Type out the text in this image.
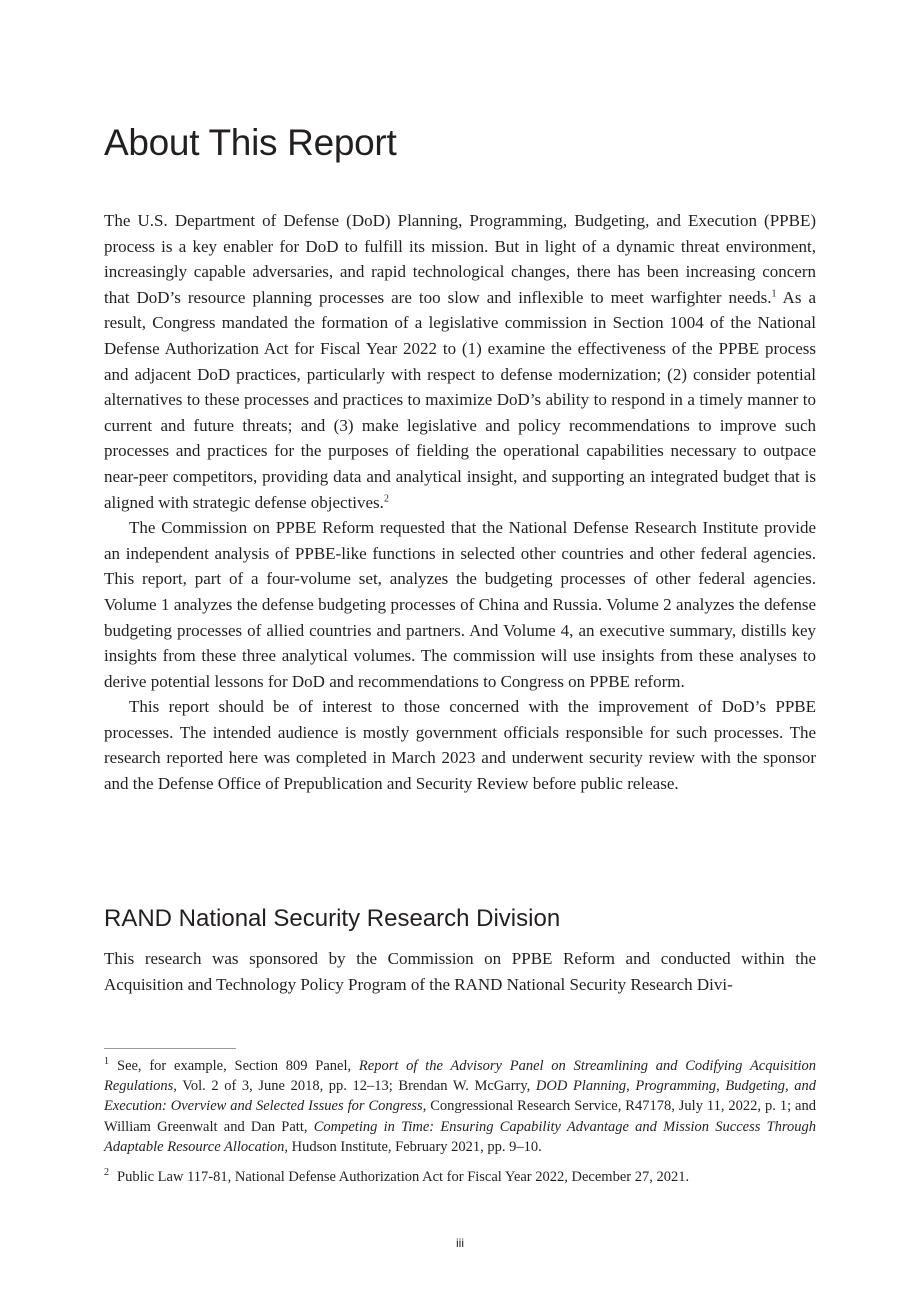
About This Report

The U.S. Department of Defense (DoD) Planning, Programming, Budgeting, and Execution (PPBE) process is a key enabler for DoD to fulfill its mission. But in light of a dynamic threat environment, increasingly capable adversaries, and rapid technological changes, there has been increasing concern that DoD’s resource planning processes are too slow and inflexible to meet warfighter needs.$^1$ As a result, Congress mandated the formation of a legislative commission in Section 1004 of the National Defense Authorization Act for Fiscal Year 2022 to (1) examine the effectiveness of the PPBE process and adjacent DoD practices, particularly with respect to defense modernization; (2) consider potential alternatives to these processes and practices to maximize DoD’s ability to respond in a timely manner to current and future threats; and (3) make legislative and policy recommendations to improve such processes and practices for the purposes of fielding the operational capabilities necessary to outpace near-peer competitors, providing data and analytical insight, and supporting an integrated budget that is aligned with strategic defense objectives.$^2$

The Commission on PPBE Reform requested that the National Defense Research Institute provide an independent analysis of PPBE-like functions in selected other countries and other federal agencies. This report, part of a four-volume set, analyzes the budgeting processes of other federal agencies. Volume 1 analyzes the defense budgeting processes of China and Russia. Volume 2 analyzes the defense budgeting processes of allied countries and partners. And Volume 4, an executive summary, distills key insights from these three analytical volumes. The commission will use insights from these analyses to derive potential lessons for DoD and recommendations to Congress on PPBE reform.

This report should be of interest to those concerned with the improvement of DoD’s PPBE processes. The intended audience is mostly government officials responsible for such processes. The research reported here was completed in March 2023 and underwent security review with the sponsor and the Defense Office of Prepublication and Security Review before public release.

RAND National Security Research Division

This research was sponsored by the Commission on PPBE Reform and conducted within the Acquisition and Technology Policy Program of the RAND National Security Research Divi-

$^1$ See, for example, Section 809 Panel, Report of the Advisory Panel on Streamlining and Codifying Acquisition Regulations, Vol. 2 of 3, June 2018, pp. 12–13; Brendan W. McGarry, DOD Planning, Programming, Budgeting, and Execution: Overview and Selected Issues for Congress, Congressional Research Service, R47178, July 11, 2022, p. 1; and William Greenwalt and Dan Patt, Competing in Time: Ensuring Capability Advantage and Mission Success Through Adaptable Resource Allocation, Hudson Institute, February 2021, pp. 9–10.

$^2$ Public Law 117-81, National Defense Authorization Act for Fiscal Year 2022, December 27, 2021.

iii
